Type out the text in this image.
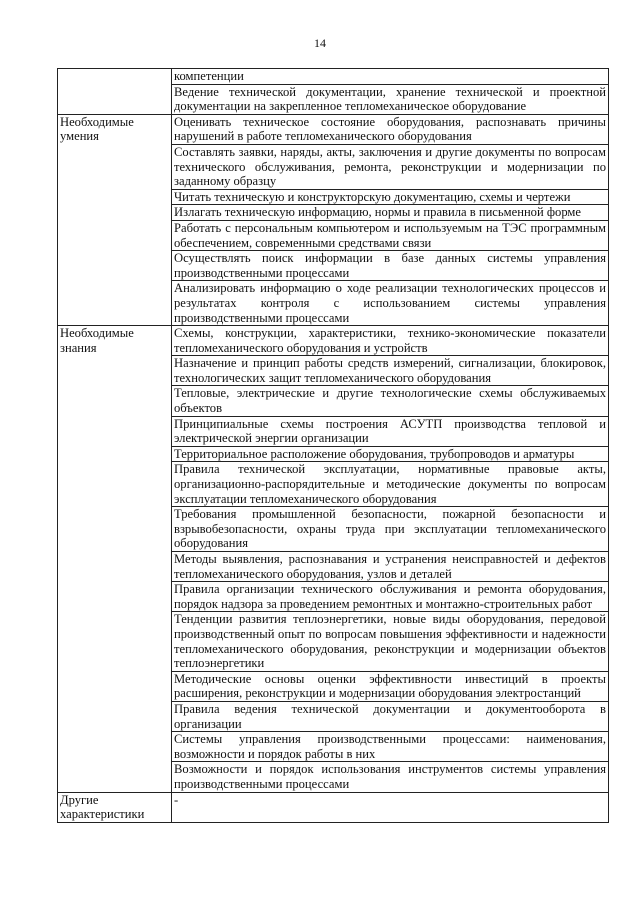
14
	компетенции
	Ведение технической документации, хранение технической и проектной документации на закрепленное тепломеханическое оборудование
Необходимые умения	Оценивать техническое состояние оборудования, распознавать причины нарушений в работе тепломеханического оборудования
	Составлять заявки, наряды, акты, заключения и другие документы по вопросам технического обслуживания, ремонта, реконструкции и модернизации по заданному образцу
	Читать техническую и конструкторскую документацию, схемы и чертежи
	Излагать техническую информацию, нормы и правила в письменной форме
	Работать с персональным компьютером и используемым на ТЭС программным обеспечением, современными средствами связи
	Осуществлять поиск информации в базе данных системы управления производственными процессами
	Анализировать информацию о ходе реализации технологических процессов и результатах контроля с использованием системы управления производственными процессами
Необходимые знания	Схемы, конструкции, характеристики, технико-экономические показатели тепломеханического оборудования и устройств
	Назначение и принцип работы средств измерений, сигнализации, блокировок, технологических защит тепломеханического оборудования
	Тепловые, электрические и другие технологические схемы обслуживаемых объектов
	Принципиальные схемы построения АСУТП производства тепловой и электрической энергии организации
	Территориальное расположение оборудования, трубопроводов и арматуры
	Правила технической эксплуатации, нормативные правовые акты, организационно-распорядительные и методические документы по вопросам эксплуатации тепломеханического оборудования
	Требования промышленной безопасности, пожарной безопасности и взрывобезопасности, охраны труда при эксплуатации тепломеханического оборудования
	Методы выявления, распознавания и устранения неисправностей и дефектов тепломеханического оборудования, узлов и деталей
	Правила организации технического обслуживания и ремонта оборудования, порядок надзора за проведением ремонтных и монтажно-строительных работ
	Тенденции развития теплоэнергетики, новые виды оборудования, передовой производственный опыт по вопросам повышения эффективности и надежности тепломеханического оборудования, реконструкции и модернизации объектов теплоэнергетики
	Методические основы оценки эффективности инвестиций в проекты расширения, реконструкции и модернизации оборудования электростанций
	Правила ведения технической документации и документооборота в организации
	Системы управления производственными процессами: наименования, возможности и порядок работы в них
	Возможности и порядок использования инструментов системы управления производственными процессами
Другие характеристики	-
